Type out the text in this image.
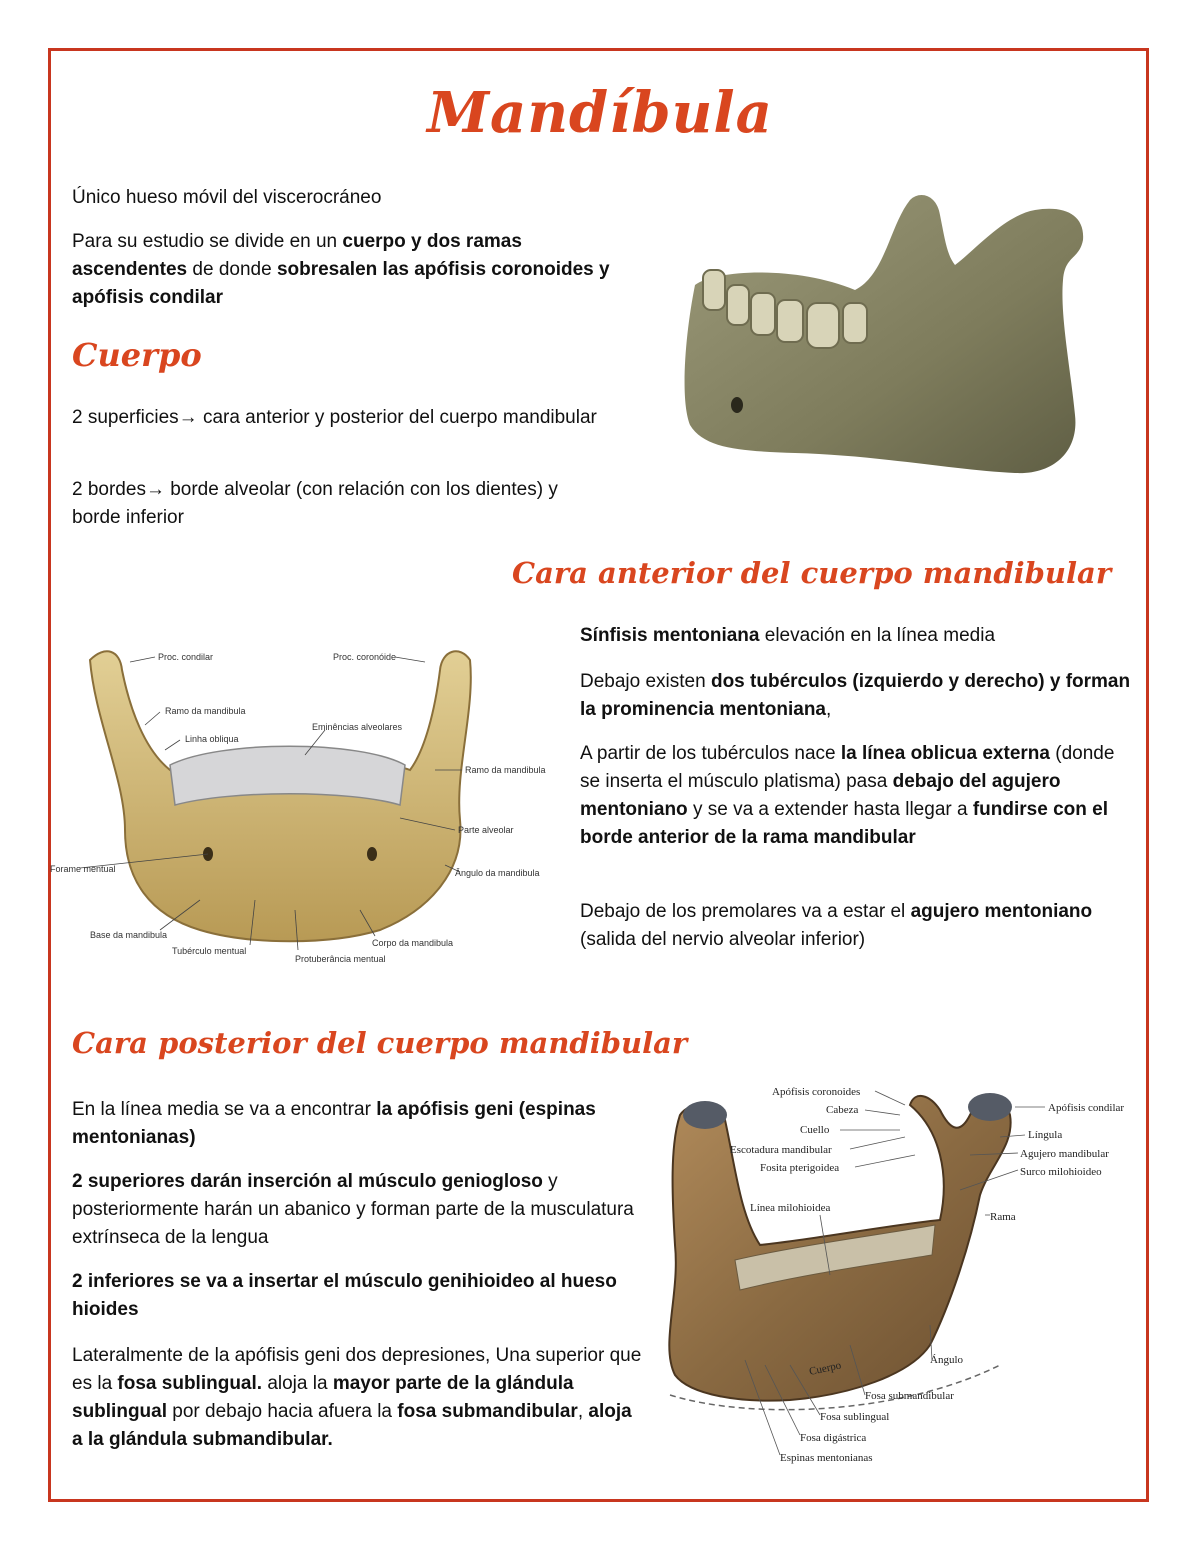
Mandíbula

Único hueso móvil del viscerocráneo

Para su estudio se divide en un cuerpo y dos ramas ascendentes de donde sobresalen las apófisis coronoides y apófisis condilar

Cuerpo

2 superficies→ cara anterior y posterior del cuerpo mandibular

2 bordes→ borde alveolar (con relación con los dientes) y borde inferior

Cara anterior del cuerpo mandibular
Proc. condilar	Proc. coronóide
Ramo da mandibula
Linha obliqua
Eminências alveolares
Ramo da mandibula
Parte alveolar
Forame mentual	Ângulo da mandibula
Base da mandibula
Tubérculo mentual
Protuberância mentual
Corpo da mandibula

Sínfisis mentoniana elevación en la línea media

Debajo existen dos tubérculos (izquierdo y derecho) y forman la prominencia mentoniana,

A partir de los tubérculos nace la línea oblicua externa (donde se inserta el músculo platisma) pasa debajo del agujero mentoniano y se va a extender hasta llegar a fundirse con el borde anterior de la rama mandibular

Debajo de los premolares va a estar el agujero mentoniano (salida del nervio alveolar inferior)

Cara posterior del cuerpo mandibular

En la línea media se va a encontrar la apófisis geni (espinas mentonianas)

2 superiores darán inserción al músculo geniogloso y posteriormente harán un abanico y forman parte de la musculatura extrínseca de la lengua

2 inferiores se va a insertar el músculo genihioideo al hueso hioides

Lateralmente de la apófisis geni dos depresiones, Una superior que es la fosa sublingual. aloja la mayor parte de la glándula sublingual por debajo hacia afuera la fosa submandibular, aloja a la glándula submandibular.

Apófisis coronoides
Cabeza
Cuello
Escotadura mandibular
Fosita pterigoidea
Apófisis condilar
Língula
Agujero mandibular
Surco milohioideo
Línea milohioidea
Rama
Ángulo
Cuerpo
Fosa submandibular
Fosa sublingual
Fosa digástrica
Espinas mentonianas
